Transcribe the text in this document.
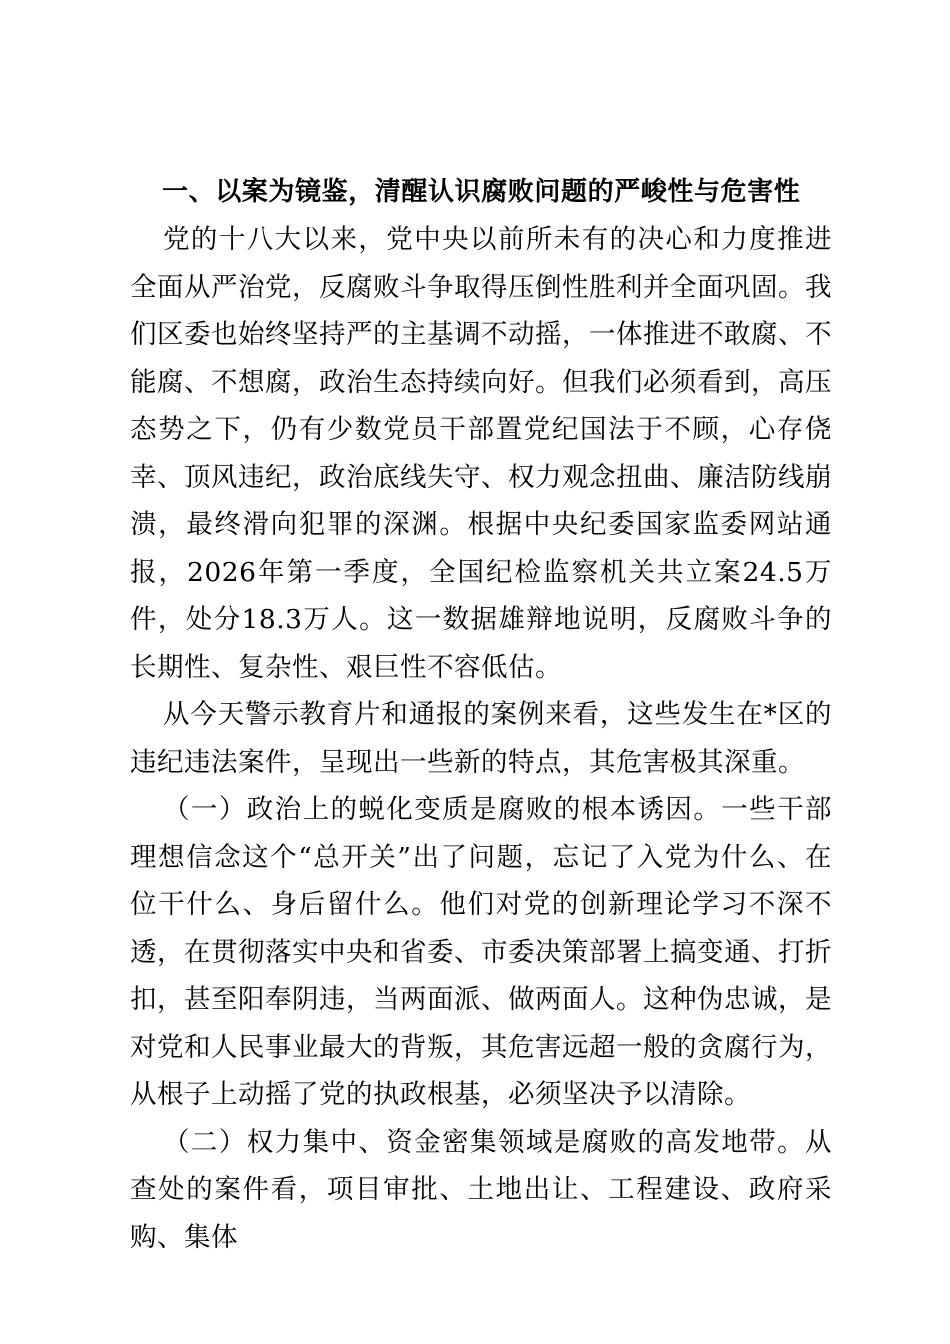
一、以案为镜鉴，清醒认识腐败问题的严峻性与危害性

党的十八大以来，党中央以前所未有的决心和力度推进全面从严治党，反腐败斗争取得压倒性胜利并全面巩固。我们区委也始终坚持严的主基调不动摇，一体推进不敢腐、不能腐、不想腐，政治生态持续向好。但我们必须看到，高压态势之下，仍有少数党员干部置党纪国法于不顾，心存侥幸、顶风违纪，政治底线失守、权力观念扭曲、廉洁防线崩溃，最终滑向犯罪的深渊。根据中央纪委国家监委网站通报，2026年第一季度，全国纪检监察机关共立案24.5万件，处分18.3万人。这一数据雄辩地说明，反腐败斗争的长期性、复杂性、艰巨性不容低估。

从今天警示教育片和通报的案例来看，这些发生在*区的违纪违法案件，呈现出一些新的特点，其危害极其深重。

（一）政治上的蜕化变质是腐败的根本诱因。一些干部理想信念这个“总开关”出了问题，忘记了入党为什么、在位干什么、身后留什么。他们对党的创新理论学习不深不透，在贯彻落实中央和省委、市委决策部署上搞变通、打折扣，甚至阳奉阴违，当两面派、做两面人。这种伪忠诚，是对党和人民事业最大的背叛，其危害远超一般的贪腐行为，从根子上动摇了党的执政根基，必须坚决予以清除。

（二）权力集中、资金密集领域是腐败的高发地带。从查处的案件看，项目审批、土地出让、工程建设、政府采购、集体
